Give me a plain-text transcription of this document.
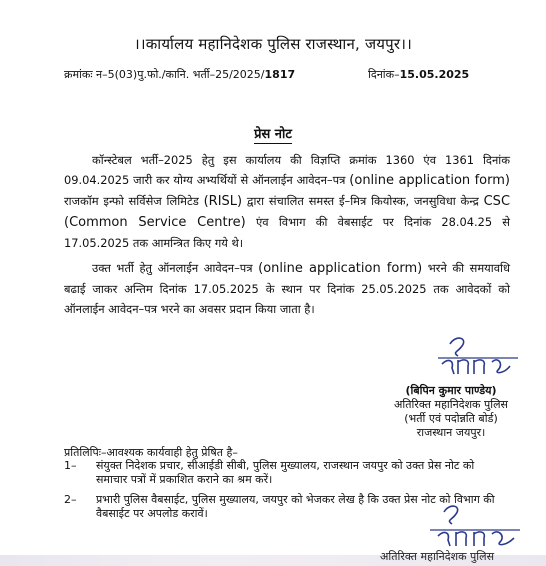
।।कार्यालय महानिदेशक पुलिस राजस्थान, जयपुर।।
क्रमांकः न–5(03)पु.फो./कानि. भर्ती–25/2025/1817	दिनांक–15.05.2025
प्रेस नोट
कॉन्स्टेबल भर्ती–2025 हेतु इस कार्यालय की विज्ञप्ति क्रमांक 1360 एंव 1361 दिनांक 09.04.2025 जारी कर योग्य अभ्यर्थियों से ऑनलाईन आवेदन–पत्र (online application form) राजकॉम इन्फो सर्विसेज लिमिटेड (RISL) द्वारा संचालित समस्त ई–मित्र कियोस्क, जनसुविधा केन्द्र CSC (Common Service Centre) एंव विभाग की वेबसाईट पर दिनांक 28.04.25 से 17.05.2025 तक आमन्त्रित किए गये थे।
उक्त भर्ती हेतु ऑनलाईन आवेदन–पत्र (online application form) भरने की समयावधि बढाई जाकर अन्तिम दिनांक 17.05.2025 के स्थान पर दिनांक 25.05.2025 तक आवेदकों को ऑनलाईन आवेदन–पत्र भरने का अवसर प्रदान किया जाता है।
(बिपिन कुमार पाण्डेय)
अतिरिक्त महानिदेशक पुलिस
(भर्ती एवं पदोन्नति बोर्ड)
राजस्थान जयपुर।
प्रतिलिपिः–आवश्यक कार्यवाही हेतु प्रेषित है–
1– संयुक्त निदेशक प्रचार, सीआईडी सीबी, पुलिस मुख्यालय, राजस्थान जयपुर को उक्त प्रेस नोट को समाचार पत्रों में प्रकाशित कराने का श्रम करें।
2– प्रभारी पुलिस वैबसाईट, पुलिस मुख्यालय, जयपुर को भेजकर लेख है कि उक्त प्रेस नोट को विभाग की वैबसाईट पर अपलोड करावें।
अतिरिक्त महानिदेशक पुलिस
